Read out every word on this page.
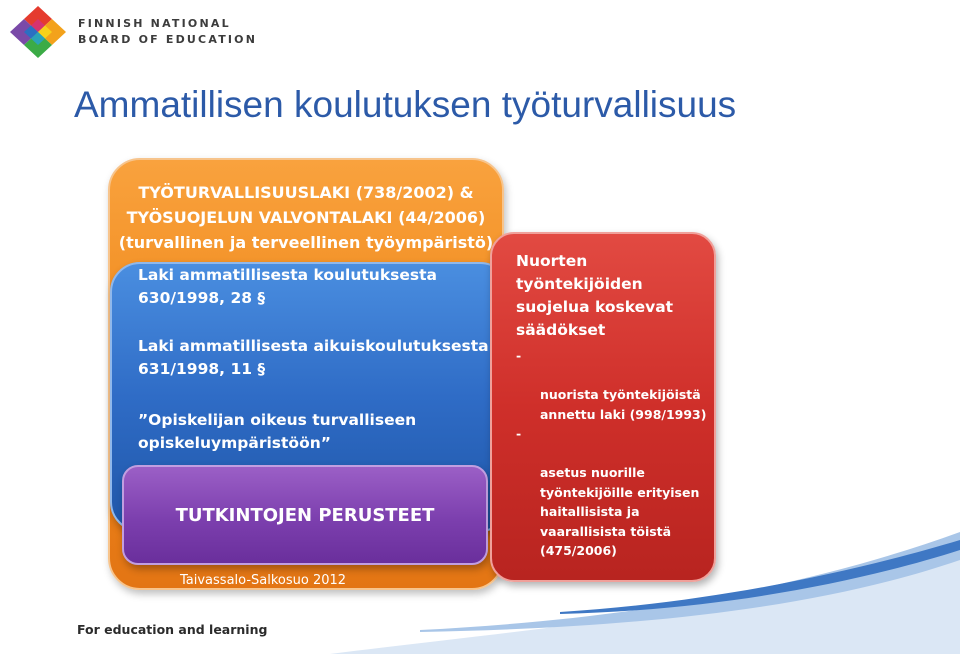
FINNISH NATIONAL
BOARD OF EDUCATION
Ammatillisen koulutuksen työturvallisuus
TYÖTURVALLISUUSLAKI (738/2002) &
TYÖSUOJELUN VALVONTALAKI (44/2006)
(turvallinen ja terveellinen työympäristö)
Laki ammatillisesta koulutuksesta
630/1998, 28 §
Laki ammatillisesta aikuiskoulutuksesta
631/1998, 11 §
”Opiskelijan oikeus turvalliseen
opiskeluympäristöön”
TUTKINTOJEN PERUSTEET
Taivassalo-Salkosuo 2012
Nuorten
työntekijöiden
suojelua koskevat
säädökset

-

nuorista työntekijöistä
annettu laki (998/1993)

-

asetus nuorille
työntekijöille erityisen
haitallisista ja
vaarallisista töistä
(475/2006)

For education and learning
